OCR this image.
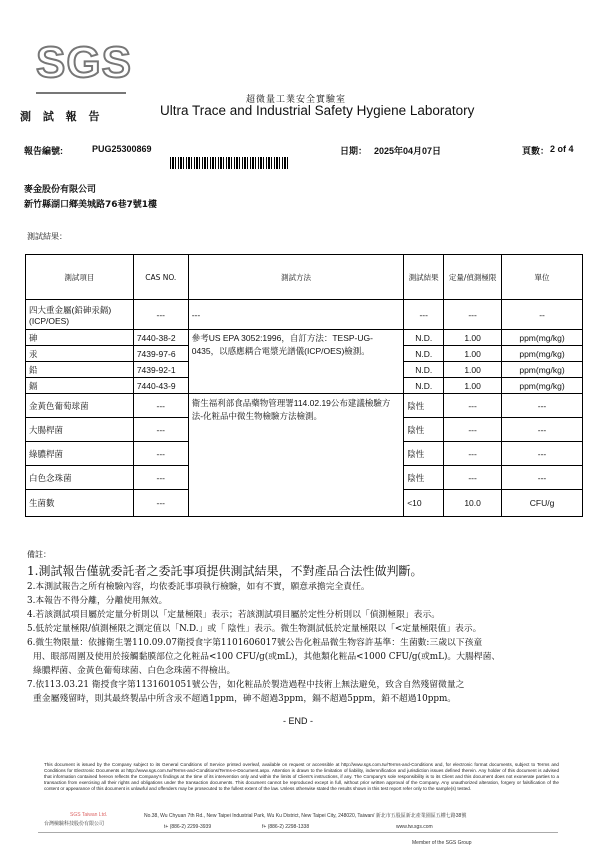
SGS
超微量工業安全實驗室
測 試 報 告	Ultra Trace and Industrial Safety Hygiene Laboratory
報告編號:	PUG25300869	日期： 2025年04月07日	頁數： 2 of 4
麥金股份有限公司
新竹縣湖口鄉美城路76巷7號1樓
測試結果：
測試項目	CAS NO.	測試方法	測試結果	定量/偵測極限	單位
四大重金屬(鉛砷汞鎘)(ICP/OES)	---	---	---	---	--
砷	7440-38-2	參考US EPA 3052:1996，自訂方法：TESP-UG-0435，以感應耦合電漿光譜儀(ICP/OES)檢測。	N.D.	1.00	ppm(mg/kg)
汞	7439-97-6		N.D.	1.00	ppm(mg/kg)
鉛	7439-92-1		N.D.	1.00	ppm(mg/kg)
鎘	7440-43-9		N.D.	1.00	ppm(mg/kg)
金黃色葡萄球菌	---	衛生福利部食品藥物管理署114.02.19公布建議檢驗方法-化粧品中微生物檢驗方法檢測。	陰性	---	---
大腸桿菌	---		陰性	---	---
綠膿桿菌	---		陰性	---	---
白色念珠菌	---		陰性	---	---
生菌數	---		<10	10.0	CFU/g
備註：
1.測試報告僅就委託者之委託事項提供測試結果，不對產品合法性做判斷。
2.本測試報告之所有檢驗內容，均依委託事項執行檢驗，如有不實，願意承擔完全責任。
3.本報告不得分離，分離使用無效。
4.若該測試項目屬於定量分析則以「定量極限」表示；若該測試項目屬於定性分析則以「偵測極限」表示。
5.低於定量極限/偵測極限之測定值以「N.D.」或「 陰性」表示。微生物測試低於定量極限以「<定量極限值」表示。
6.微生物限量：依據衛生署110.09.07衛授食字第1101606017號公告化粧品微生物容許基準：生菌數:三歲以下孩童
用、眼部周圍及使用於接觸黏膜部位之化粧品<100 CFU/g(或mL)，其他類化粧品<1000 CFU/g(或mL)。大腸桿菌、
綠膿桿菌、金黃色葡萄球菌、白色念珠菌不得檢出。
7.依113.03.21 衛授食字第1131601051號公告，如化粧品於製造過程中技術上無法避免，致含自然殘留微量之
重金屬殘留時，則其最終製品中所含汞不超過1ppm，砷不超過3ppm，鎘不超過5ppm，鉛不超過10ppm。
- END -
This document is issued by the Company subject to its General Conditions of Service printed overleaf, available on request or accessible at http://www.sgs.com.tw/Terms-and-Conditions and, for electronic format documents, subject to Terms and Conditions for Electronic Documents at http://www.sgs.com.tw/Terms-and-Conditions/Terms-e-Document.aspx. Attention is drawn to the limitation of liability, indemnification and jurisdiction issues defined therein. Any holder of this document is advised that information contained hereon reflects the Company's findings at the time of its intervention only and within the limits of Client's instructions, if any. The Company's sole responsibility is to its Client and this document does not exonerate parties to a transaction from exercising all their rights and obligations under the transaction documents. This document cannot be reproduced except in full, without prior written approval of the Company. Any unauthorized alteration, forgery or falsification of the content or appearance of this document is unlawful and offenders may be prosecuted to the fullest extent of the law. Unless otherwise stated the results shown in this test report refer only to the sample(s) tested.
SGS Taiwan Ltd.
台灣檢驗科技股份有限公司
No.38, Wu Chyuan 7th Rd., New Taipei Industrial Park, Wu Ku District, New Taipei City, 248020, Taiwan/ 新北市五股區新北產業園區五權七路38號
t+ (886-2) 2299-3939	f+ (886-2) 2298-1338	www.tw.sgs.com
Member of the SGS Group
